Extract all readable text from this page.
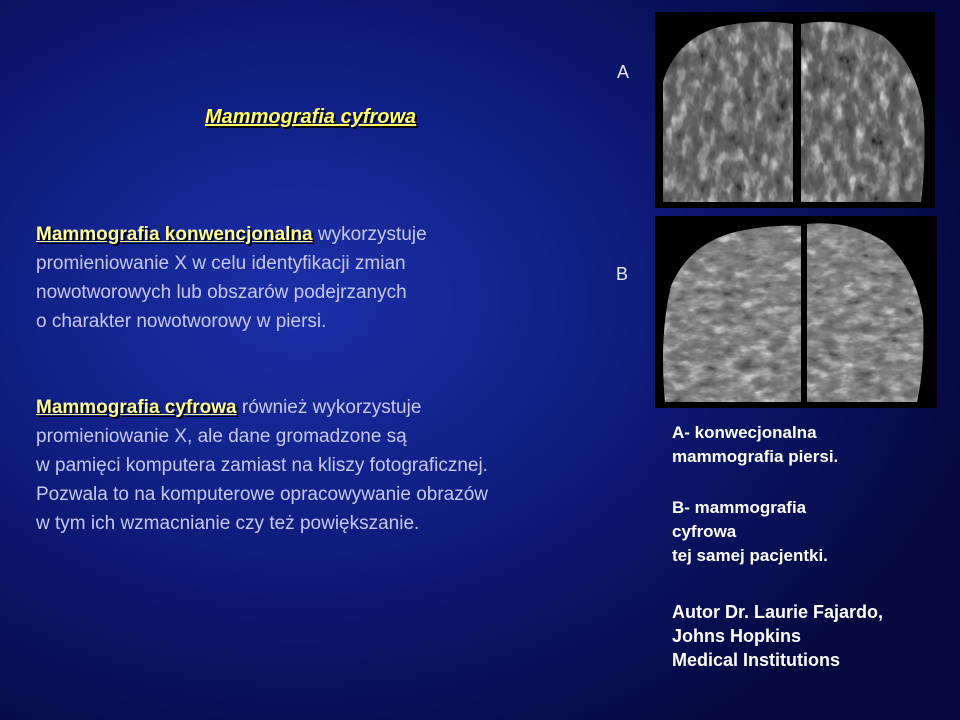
Mammografia cyfrowa
Mammografia konwencjonalna wykorzystuje
promieniowanie X w celu identyfikacji zmian
nowotworowych lub obszarów podejrzanych
o charakter nowotworowy w piersi.
Mammografia cyfrowa również wykorzystuje
promieniowanie X, ale dane gromadzone są
w pamięci komputera zamiast na kliszy fotograficznej.
Pozwala to na komputerowe opracowywanie obrazów
w tym ich wzmacnianie czy też powiększanie.
A
B
A- konwecjonalna
mammografia piersi.
B- mammografia
cyfrowa
tej samej pacjentki.
Autor Dr. Laurie Fajardo,
Johns Hopkins
Medical Institutions
